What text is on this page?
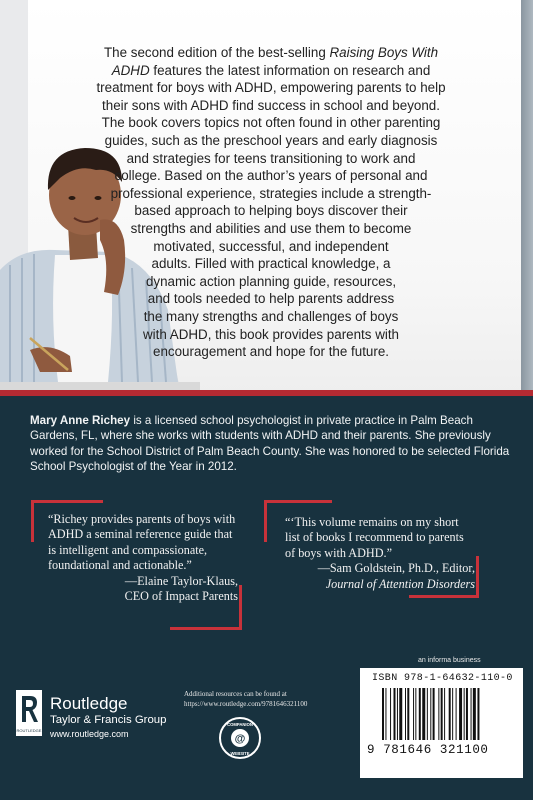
The second edition of the best-selling Raising Boys With
ADHD features the latest information on research and
treatment for boys with ADHD, empowering parents to help
their sons with ADHD find success in school and beyond.
The book covers topics not often found in other parenting
guides, such as the preschool years and early diagnosis
and strategies for teens transitioning to work and
college. Based on the author’s years of personal and
professional experience, strategies include a strength-
based approach to helping boys discover their
strengths and abilities and use them to become
motivated, successful, and independent
adults. Filled with practical knowledge, a
dynamic action planning guide, resources,
and tools needed to help parents address
the many strengths and challenges of boys
with ADHD, this book provides parents with
encouragement and hope for the future.
Mary Anne Richey is a licensed school psychologist in private practice in Palm Beach Gardens, FL, where she works with students with ADHD and their parents. She previously worked for the School District of Palm Beach County. She was honored to be selected Florida School Psychologist of the Year in 2012.
“Richey provides parents of boys with ADHD a seminal reference guide that is intelligent and compassionate, foundational and actionable.”
—Elaine Taylor-Klaus,
CEO of Impact Parents
“‘This volume remains on my short list of books I recommend to parents of boys with ADHD.”
—Sam Goldstein, Ph.D., Editor,
Journal of Attention Disorders
an informa business
ROUTLEDGE
Routledge
Taylor & Francis Group
www.routledge.com
Additional resources can be found at
https://www.routledge.com/9781646321100
@
COMPANION
WEBSITE
ISBN 978-1-64632-110-0
9 781646 321100
